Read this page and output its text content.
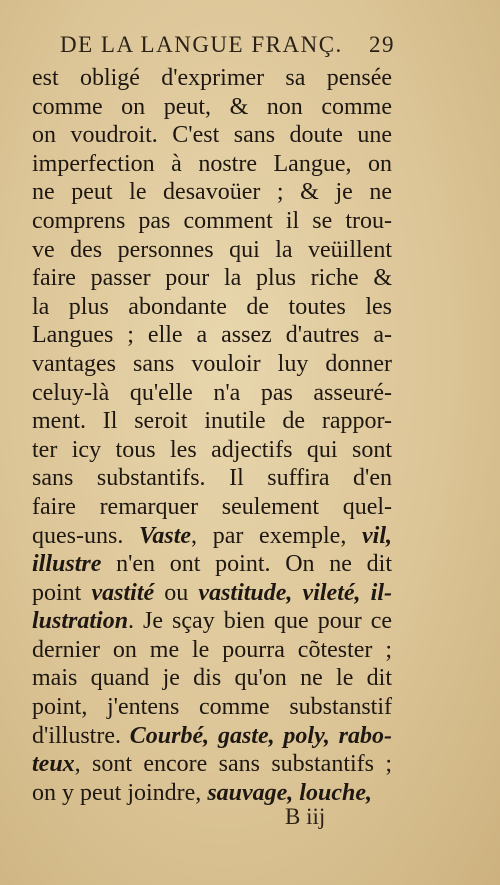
DE LA LANGUE FRANÇ. 29
est obligé d'exprimer sa pensée
comme on peut, & non comme
on voudroit. C'est sans doute une
imperfection à nostre Langue, on
ne peut le desavoüer ; & je ne
comprens pas comment il se trou-
ve des personnes qui la veüillent
faire passer pour la plus riche &
la plus abondante de toutes les
Langues ; elle a assez d'autres a-
vantages sans vouloir luy donner
celuy-là qu'elle n'a pas asseuré-
ment. Il seroit inutile de rappor-
ter icy tous les adjectifs qui sont
sans substantifs. Il suffira d'en
faire remarquer seulement quel-
ques-uns. Vaste, par exemple, vil,
illustre n'en ont point. On ne dit
point vastité ou vastitude, vileté, il-
lustration. Je sçay bien que pour ce
dernier on me le pourra cõtester ;
mais quand je dis qu'on ne le dit
point, j'entens comme substanstif
d'illustre. Courbé, gaste, poly, rabo-
teux, sont encore sans substantifs ;
on y peut joindre, sauvage, louche,
B iij
